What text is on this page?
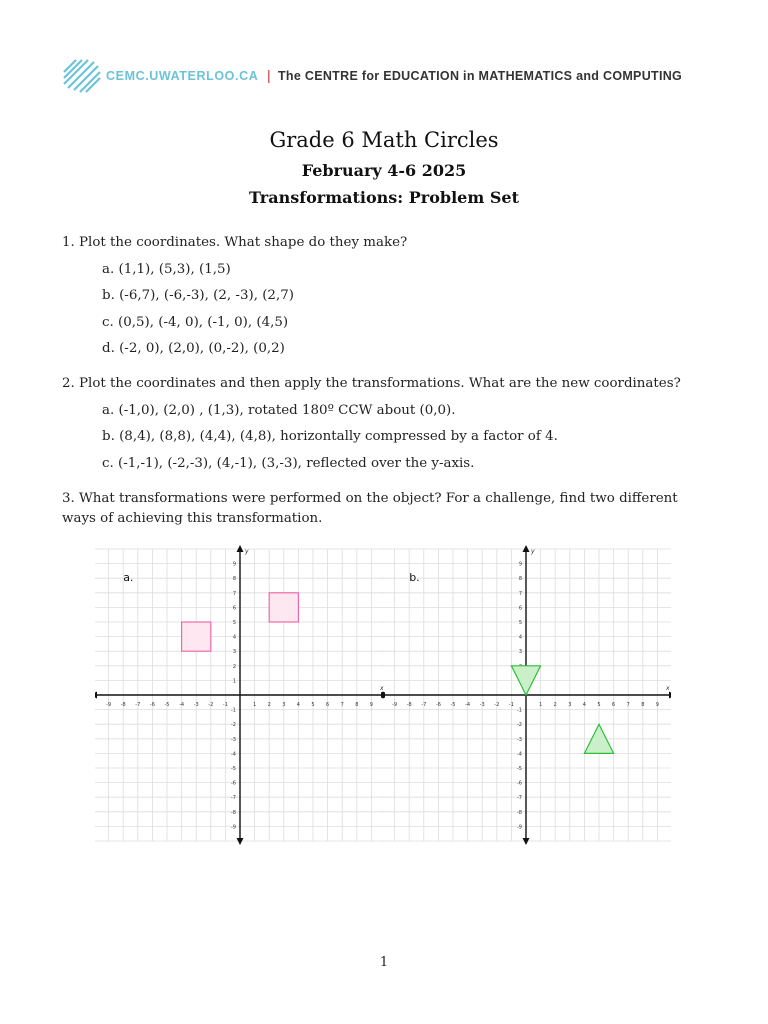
CEMC.UWATERLOO.CA | The CENTRE for EDUCATION in MATHEMATICS and COMPUTING
Grade 6 Math Circles
February 4-6 2025
Transformations: Problem Set
1. Plot the coordinates. What shape do they make?
a. (1,1), (5,3), (1,5)
b. (-6,7), (-6,-3), (2, -3), (2,7)
c. (0,5), (-4, 0), (-1, 0), (4,5)
d. (-2, 0), (2,0), (0,-2), (0,2)
2. Plot the coordinates and then apply the transformations. What are the new coordinates?
a. (-1,0), (2,0) , (1,3), rotated 180º CCW about (0,0).
b. (8,4), (8,8), (4,4), (4,8), horizontally compressed by a factor of 4.
c. (-1,-1), (-2,-3), (4,-1), (3,-3), reflected over the y-axis.
3. What transformations were performed on the object? For a challenge, find two different ways of achieving this transformation.
-9
-9
-8
-8
-7
-7
-6
-6
-5
-5
-4
-4
-3
-3
-2
-2
-1
-1
1
1
2
2
3
3
4
4
5
5
6
6
7
7
8
8
9
9
x
y
a.
-9
-9
-8
-8
-7
-7
-6
-6
-5
-5
-4
-4
-3
-3
-2
-2
-1
-1
1 2 3
3
4
4
5
5
6
6
7
7
8
8
9
9
x
y
b.
1
